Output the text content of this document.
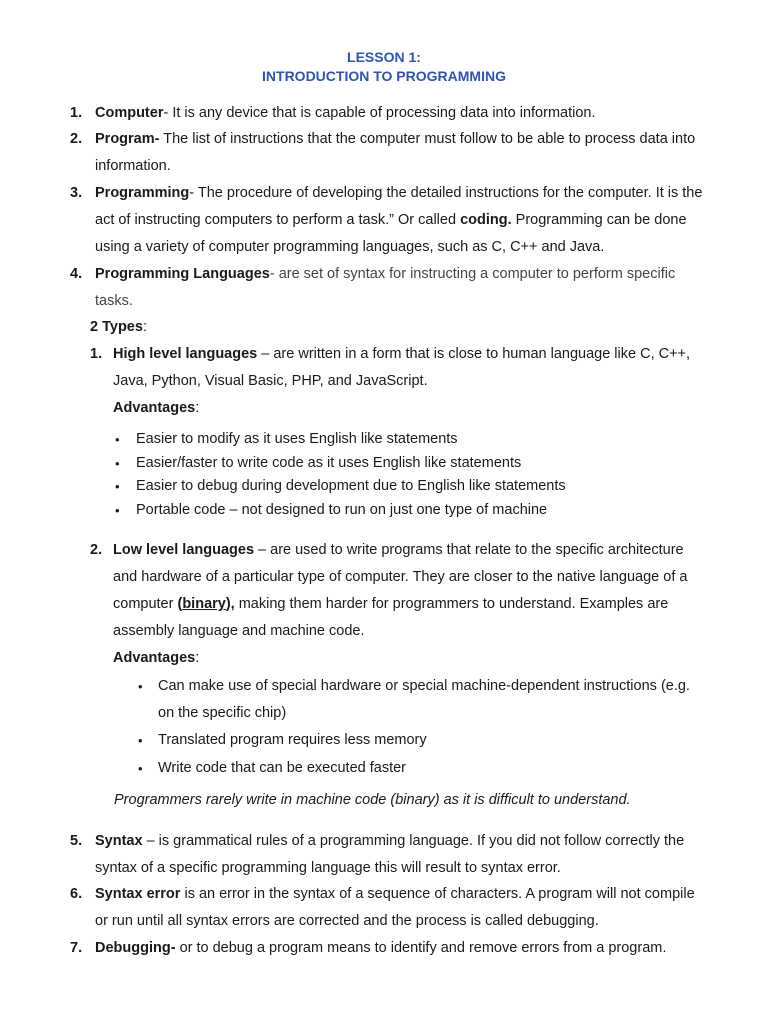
LESSON 1:
INTRODUCTION TO PROGRAMMING
1. Computer- It is any device that is capable of processing data into information.
2. Program- The list of instructions that the computer must follow to be able to process data into
information.
3. Programming- The procedure of developing the detailed instructions for the computer. It is the
act of instructing computers to perform a task.” Or called coding. Programming can be done
using a variety of computer programming languages, such as C, C++ and Java.
4. Programming Languages- are set of syntax for instructing a computer to perform specific
tasks.
2 Types:
1. High level languages – are written in a form that is close to human language like C, C++,
Java, Python, Visual Basic, PHP, and JavaScript.
Advantages:
• Easier to modify as it uses English like statements
• Easier/faster to write code as it uses English like statements
• Easier to debug during development due to English like statements
• Portable code – not designed to run on just one type of machine
2. Low level languages – are used to write programs that relate to the specific architecture
and hardware of a particular type of computer. They are closer to the native language of a
computer (binary), making them harder for programmers to understand. Examples are
assembly language and machine code.
Advantages:
• Can make use of special hardware or special machine-dependent instructions (e.g.
on the specific chip)
• Translated program requires less memory
• Write code that can be executed faster
Programmers rarely write in machine code (binary) as it is difficult to understand.
5. Syntax – is grammatical rules of a programming language. If you did not follow correctly the
syntax of a specific programming language this will result to syntax error.
6. Syntax error is an error in the syntax of a sequence of characters. A program will not compile
or run until all syntax errors are corrected and the process is called debugging.
7. Debugging- or to debug a program means to identify and remove errors from a program.
